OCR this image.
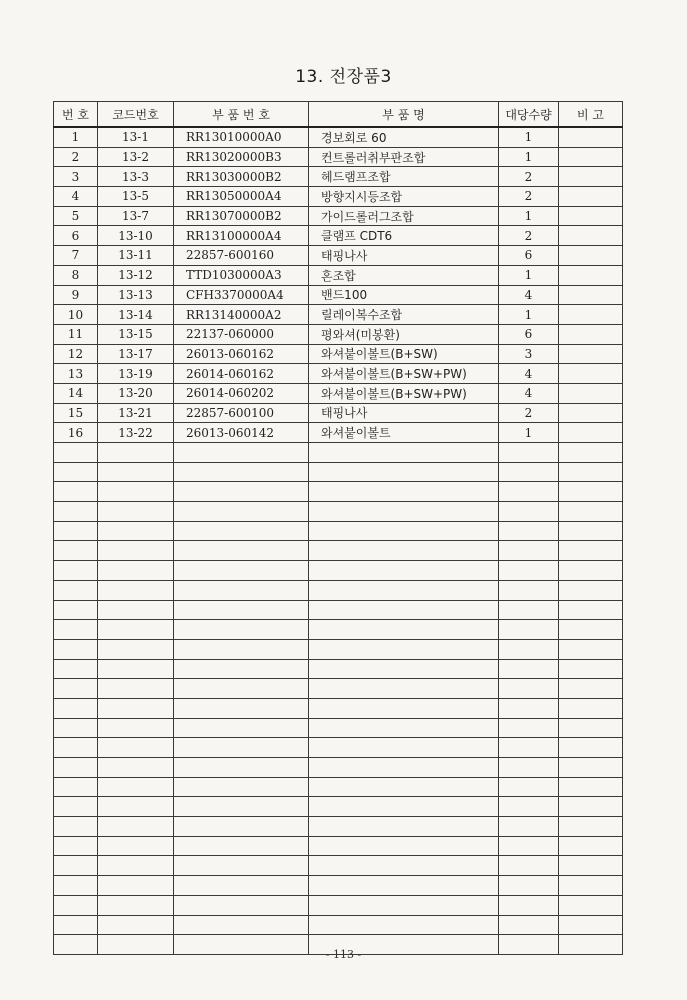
13. 전장품3
번 호	코드번호	부 품 번 호	부 품 명	대당수량	비 고
1	13-1	RR13010000A0	경보회로 60	1	
2	13-2	RR13020000B3	컨트롤러취부판조합	1	
3	13-3	RR13030000B2	헤드램프조합	2	
4	13-5	RR13050000A4	방향지시등조합	2	
5	13-7	RR13070000B2	가이드롤러그조합	1	
6	13-10	RR13100000A4	클램프 CDT6	2	
7	13-11	22857-600160	태핑나사	6	
8	13-12	TTD1030000A3	혼조합	1	
9	13-13	CFH3370000A4	밴드100	4	
10	13-14	RR13140000A2	릴레이복수조합	1	
11	13-15	22137-060000	평와셔(미봉환)	6	
12	13-17	26013-060162	와셔붙이볼트(B+SW)	3	
13	13-19	26014-060162	와셔붙이볼트(B+SW+PW)	4	
14	13-20	26014-060202	와셔붙이볼트(B+SW+PW)	4	
15	13-21	22857-600100	태핑나사	2	
16	13-22	26013-060142	와셔붙이볼트	1	

- 113 -
